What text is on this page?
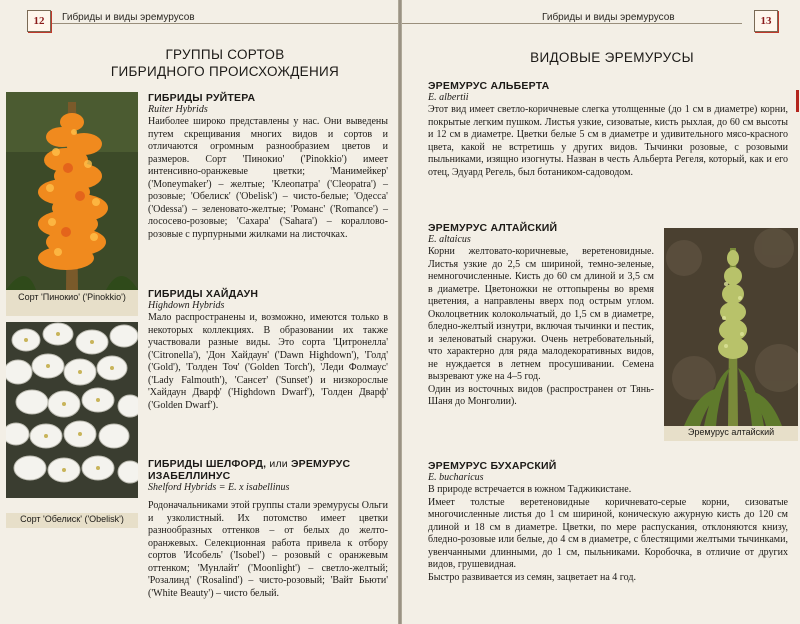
12	Гибриды и виды эремурусов
ГРУППЫ СОРТОВ
ГИБРИДНОГО ПРОИСХОЖДЕНИЯ
Сорт 'Пинокио' ('Pinokkio')
Сорт 'Обелиск' ('Obelisk')

ГИБРИДЫ РУЙТЕРА

Ruiter Hybrids

Наиболее широко представлены у нас. Они выведены путем скрещивания многих видов и сортов и отличаются огромным разнообразием цветов и размеров. Сорт 'Пинокио' ('Pinokkio') имеет интенсивно-оранжевые цветки; 'Манимейкер' ('Moneymaker') – желтые; 'Клеопатра' ('Cleopatra') – розовые; 'Обелиск' ('Obelisk') – чисто-белые; 'Одесса' ('Odessa') – зеленовато-желтые; 'Романс' ('Romance') – лососево-розовые; 'Сахара' ('Sahara') – кораллово-розовые с пурпурными жилками на листочках.

ГИБРИДЫ ХАЙДАУН

Highdown Hybrids

Мало распространены и, возможно, имеются только в некоторых коллекциях. В образовании их также участвовали разные виды. Это сорта 'Цитронелла' ('Citronella'), 'Дон Хайдаун' ('Dawn Highdown'), 'Голд' ('Gold'), 'Голден Точ' ('Golden Torch'), 'Леди Фолмаус' ('Lady Falmouth'), 'Сансет' ('Sunset') и низкорослые 'Хайдаун Дварф' ('Highdown Dwarf'), 'Голден Дварф' ('Golden Dwarf').

ГИБРИДЫ ШЕЛФОРД, или ЭРЕМУРУС ИЗАБЕЛЛИНУС

Shelford Hybrids = E. x isabellinus

Родоначальниками этой группы стали эремурусы Ольги и узколистный. Их потомство имеет цветки разнообразных оттенков – от белых до желто-оранжевых. Селекционная работа привела к отбору сортов 'Исобель' ('Isobel') – розовый с оранжевым оттенком; 'Мунлайт' ('Moonlight') – светло-желтый; 'Розалинд' ('Rosalind') – чисто-розовый; 'Вайт Бьюти' ('White Beauty') – чисто белый.

Гибриды и виды эремурусов	13
ВИДОВЫЕ ЭРЕМУРУСЫ

ЭРЕМУРУС АЛЬБЕРТА

E. albertii

Этот вид имеет светло-коричневые слегка утолщенные (до 1 см в диаметре) корни, покрытые легким пушком. Листья узкие, сизоватые, кисть рыхлая, до 60 см высоты и 12 см в диаметре. Цветки белые 5 см в диаметре и удивительного мясо-красного цвета, какой не встретишь у других видов. Тычинки розовые, с розовыми пыльниками, изящно изогнуты. Назван в честь Альберта Регеля, который, как и его отец, Эдуард Регель, был ботаником-садоводом.

ЭРЕМУРУС АЛТАЙСКИЙ

E. altaicus

Корни желтовато-коричневые, веретеновидные. Листья узкие до 2,5 см шириной, темно-зеленые, немногочисленные. Кисть до 60 см длиной и 3,5 см в диаметре. Цветоножки не оттопырены во время цветения, а направлены вверх под острым углом. Околоцветник колокольчатый, до 1,5 см в диаметре, бледно-желтый изнутри, включая тычинки и пестик, и зеленоватый снаружи. Очень нетребовательный, что характерно для ряда малодекоративных видов, не нуждается в летнем просушивании. Семена вызревают уже на 4–5 год.

Один из восточных видов (распространен от Тянь-Шаня до Монголии).

Эремурус алтайский

ЭРЕМУРУС БУХАРСКИЙ

E. bucharicus

В природе встречается в южном Таджикистане.

Имеет толстые веретеновидные коричневато-серые корни, сизоватые многочисленные листья до 1 см шириной, коническую ажурную кисть до 120 см длиной и 18 см в диаметре. Цветки, по мере распускания, отклоняются книзу, бледно-розовые или белые, до 4 см в диаметре, с блестящими желтыми тычинками, увенчанными длинными, до 1 см, пыльниками. Коробочка, в отличие от других видов, грушевидная.

Быстро развивается из семян, зацветает на 4 год.
